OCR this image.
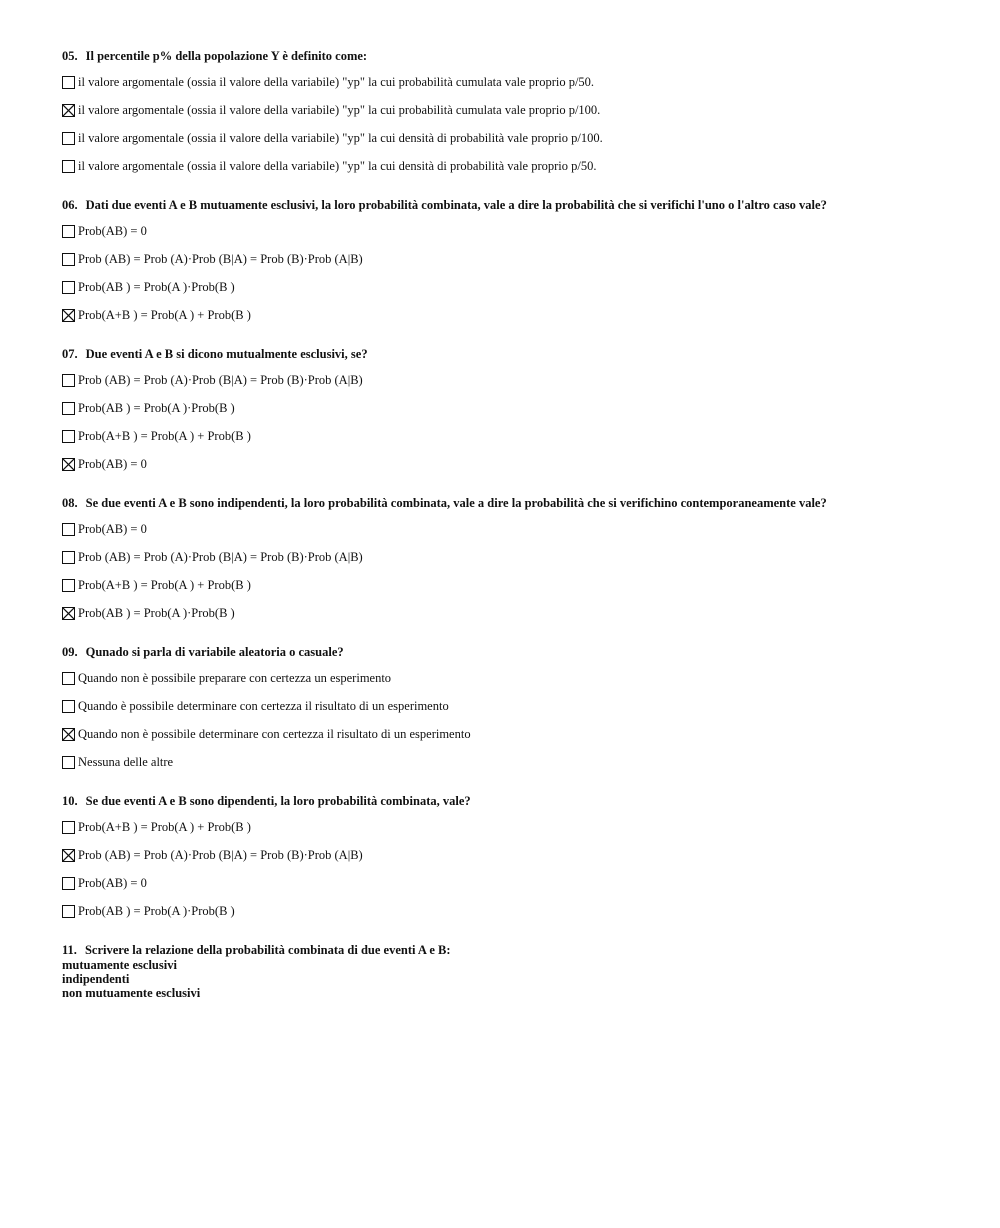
05. Il percentile p% della popolazione Y è definito come:
il valore argomentale (ossia il valore della variabile) "yp" la cui probabilità cumulata vale proprio p/50.
il valore argomentale (ossia il valore della variabile) "yp" la cui probabilità cumulata vale proprio p/100.
il valore argomentale (ossia il valore della variabile) "yp" la cui densità di probabilità vale proprio p/100.
il valore argomentale (ossia il valore della variabile) "yp" la cui densità di probabilità vale proprio p/50.
06. Dati due eventi A e B mutuamente esclusivi, la loro probabilità combinata, vale a dire la probabilità che si verifichi l'uno o l'altro caso vale?
Prob(AB) = 0
Prob (AB) = Prob (A)·Prob (B|A) = Prob (B)·Prob (A|B)
Prob(AB ) = Prob(A )·Prob(B )
Prob(A+B ) = Prob(A ) + Prob(B )
07. Due eventi A e B si dicono mutualmente esclusivi, se?
Prob (AB) = Prob (A)·Prob (B|A) = Prob (B)·Prob (A|B)
Prob(AB ) = Prob(A )·Prob(B )
Prob(A+B ) = Prob(A ) + Prob(B )
Prob(AB) = 0
08. Se due eventi A e B sono indipendenti, la loro probabilità combinata, vale a dire la probabilità che si verifichino contemporaneamente vale?
Prob(AB) = 0
Prob (AB) = Prob (A)·Prob (B|A) = Prob (B)·Prob (A|B)
Prob(A+B ) = Prob(A ) + Prob(B )
Prob(AB ) = Prob(A )·Prob(B )
09. Qunado si parla di variabile aleatoria o casuale?
Quando non è possibile preparare con certezza un esperimento
Quando è possibile determinare con certezza il risultato di un esperimento
Quando non è possibile determinare con certezza il risultato di un esperimento
Nessuna delle altre
10. Se due eventi A e B sono dipendenti, la loro probabilità combinata, vale?
Prob(A+B ) = Prob(A ) + Prob(B )
Prob (AB) = Prob (A)·Prob (B|A) = Prob (B)·Prob (A|B)
Prob(AB) = 0
Prob(AB ) = Prob(A )·Prob(B )
11. Scrivere la relazione della probabilità combinata di due eventi A e B:
mutuamente esclusivi
indipendenti
non mutuamente esclusivi
